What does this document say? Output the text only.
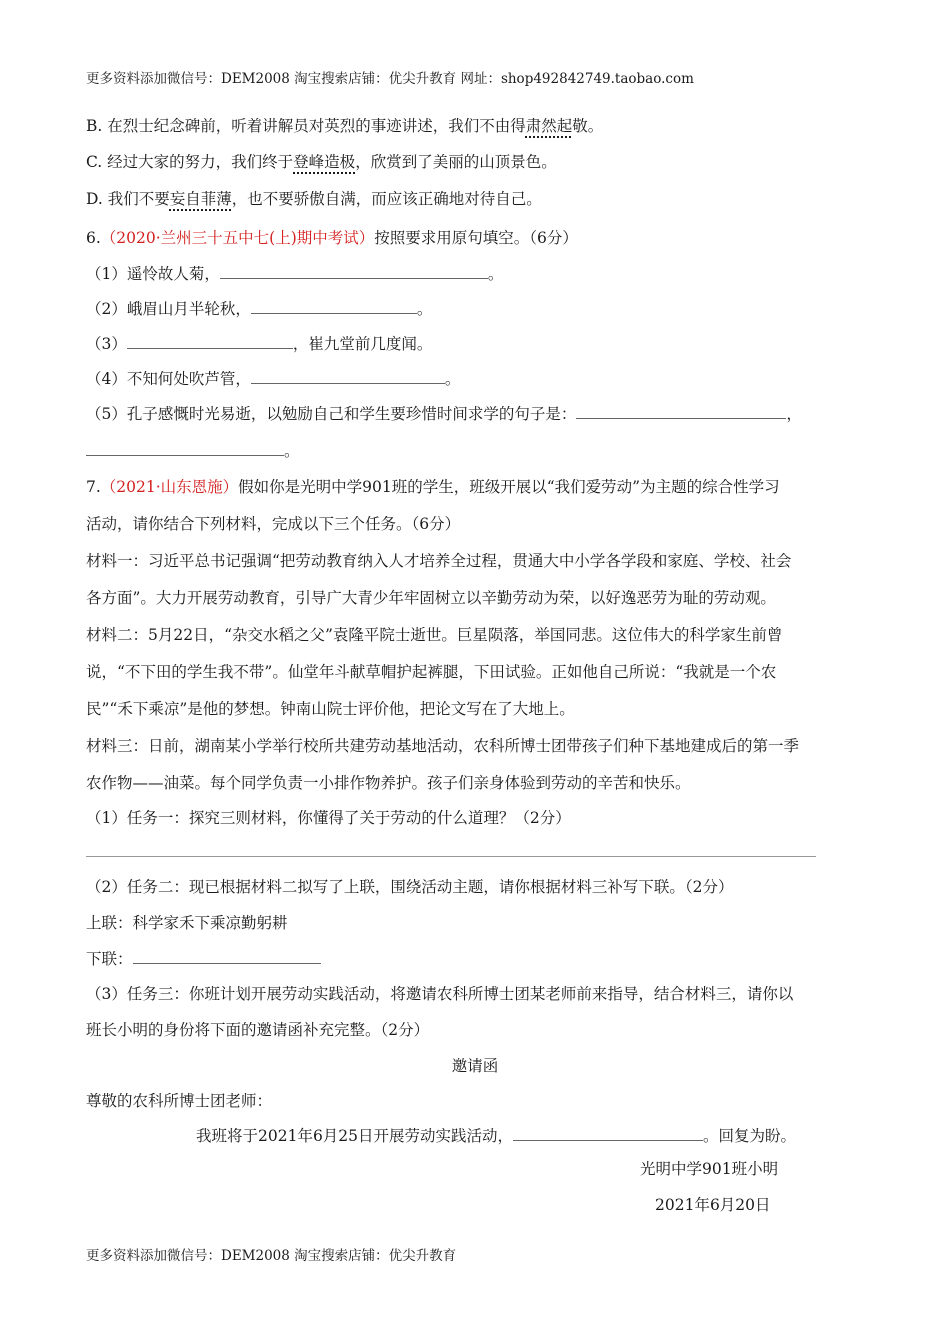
更多资料添加微信号：DEM2008 淘宝搜索店铺：优尖升教育 网址：shop492842749.taobao.com
B. 在烈士纪念碑前，听着讲解员对英烈的事迹讲述，我们不由得肃然起敬。
C. 经过大家的努力，我们终于登峰造极，欣赏到了美丽的山顶景色。
D. 我们不要妄自菲薄，也不要骄傲自满，而应该正确地对待自己。
6.（2020·兰州三十五中七(上)期中考试）按照要求用原句填空。（6分）
（1）遥怜故人菊，	。
（2）峨眉山月半轮秋，	。
（3）	，崔九堂前几度闻。
（4）不知何处吹芦管，	。
（5）孔子感慨时光易逝，以勉励自己和学生要珍惜时间求学的句子是：	，
。
7.（2021·山东恩施）假如你是光明中学901班的学生，班级开展以“我们爱劳动”为主题的综合性学习
活动，请你结合下列材料，完成以下三个任务。（6分）
材料一：习近平总书记强调“把劳动教育纳入人才培养全过程，贯通大中小学各学段和家庭、学校、社会
各方面”。大力开展劳动教育，引导广大青少年牢固树立以辛勤劳动为荣，以好逸恶劳为耻的劳动观。
材料二：5月22日，“杂交水稻之父”袁隆平院士逝世。巨星陨落，举国同悲。这位伟大的科学家生前曾
说，“不下田的学生我不带”。仙堂年斗献草帽护起裤腿，下田试验。正如他自己所说：“我就是一个农
民”“禾下乘凉”是他的梦想。钟南山院士评价他，把论文写在了大地上。
材料三：日前，湖南某小学举行校所共建劳动基地活动，农科所博士团带孩子们种下基地建成后的第一季
农作物——油菜。每个同学负责一小排作物养护。孩子们亲身体验到劳动的辛苦和快乐。
（1）任务一：探究三则材料，你懂得了关于劳动的什么道理？（2分）
（2）任务二：现已根据材料二拟写了上联，围绕活动主题，请你根据材料三补写下联。（2分）
上联：科学家禾下乘凉勤躬耕
下联：
（3）任务三：你班计划开展劳动实践活动，将邀请农科所博士团某老师前来指导，结合材料三，请你以
班长小明的身份将下面的邀请函补充完整。（2分）
邀请函
尊敬的农科所博士团老师：
我班将于2021年6月25日开展劳动实践活动，	。回复为盼。
光明中学901班小明
2021年6月20日
更多资料添加微信号：DEM2008 淘宝搜索店铺：优尖升教育
